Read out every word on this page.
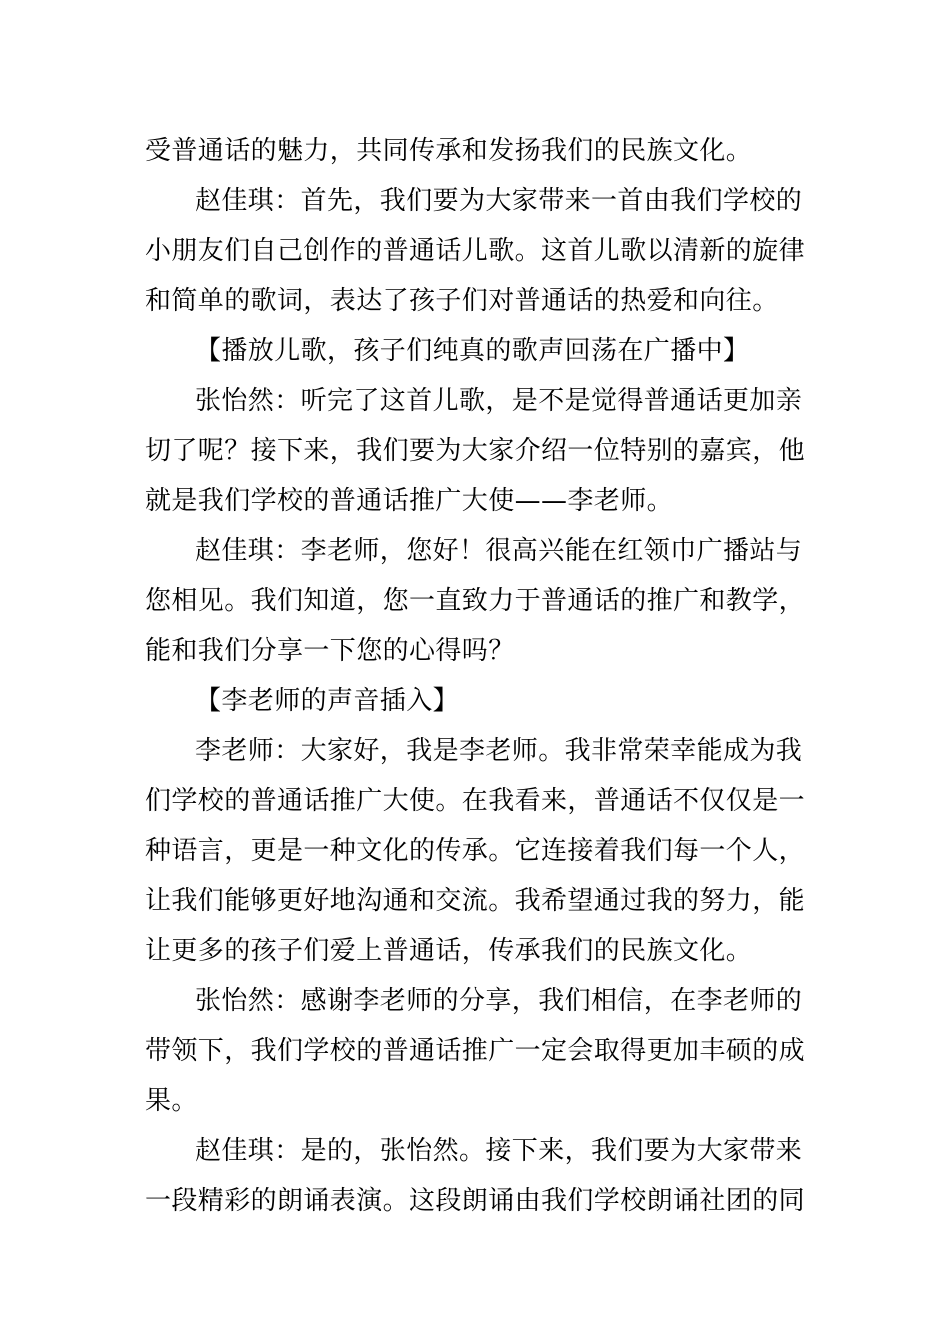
受普通话的魅力，共同传承和发扬我们的民族文化。

赵佳琪：首先，我们要为大家带来一首由我们学校的

小朋友们自己创作的普通话儿歌。这首儿歌以清新的旋律

和简单的歌词，表达了孩子们对普通话的热爱和向往。

【播放儿歌，孩子们纯真的歌声回荡在广播中】

张怡然：听完了这首儿歌，是不是觉得普通话更加亲

切了呢？接下来，我们要为大家介绍一位特别的嘉宾，他

就是我们学校的普通话推广大使——李老师。

赵佳琪：李老师，您好！很高兴能在红领巾广播站与

您相见。我们知道，您一直致力于普通话的推广和教学，

能和我们分享一下您的心得吗？

【李老师的声音插入】

李老师：大家好，我是李老师。我非常荣幸能成为我

们学校的普通话推广大使。在我看来，普通话不仅仅是一

种语言，更是一种文化的传承。它连接着我们每一个人，

让我们能够更好地沟通和交流。我希望通过我的努力，能

让更多的孩子们爱上普通话，传承我们的民族文化。

张怡然：感谢李老师的分享，我们相信，在李老师的

带领下，我们学校的普通话推广一定会取得更加丰硕的成

果。

赵佳琪：是的，张怡然。接下来，我们要为大家带来

一段精彩的朗诵表演。这段朗诵由我们学校朗诵社团的同
